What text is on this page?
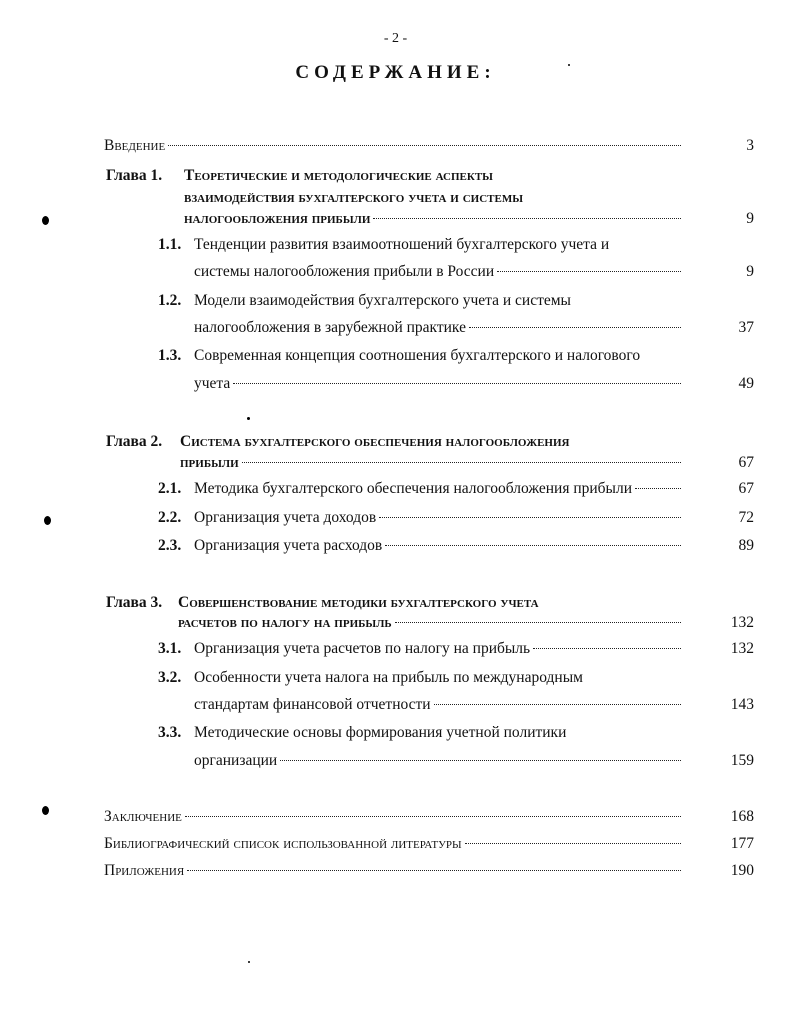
- 2 -
СОДЕРЖАНИЕ:
Введение	3
Глава 1. Теоретические и методологические аспекты
взаимодействия бухгалтерского учета и системы
налогообложения прибыли	9
1.1. Тенденции развития взаимоотношений бухгалтерского учета и
системы налогообложения прибыли в России	9
1.2. Модели взаимодействия бухгалтерского учета и системы
налогообложения в зарубежной практике	37
1.3. Современная концепция соотношения бухгалтерского и налогового
учета	49
Глава 2. Система бухгалтерского обеспечения налогообложения
прибыли	67
2.1. Методика бухгалтерского обеспечения налогообложения прибыли	67
2.2. Организация учета доходов	72
2.3. Организация учета расходов	89
Глава 3. Совершенствование методики бухгалтерского учета
расчетов по налогу на прибыль	132
3.1. Организация учета расчетов по налогу на прибыль	132
3.2. Особенности учета налога на прибыль по международным
стандартам финансовой отчетности	143
3.3. Методические основы формирования учетной политики
организации	159
Заключение	168
Библиографический список использованной литературы	177
Приложения	190
